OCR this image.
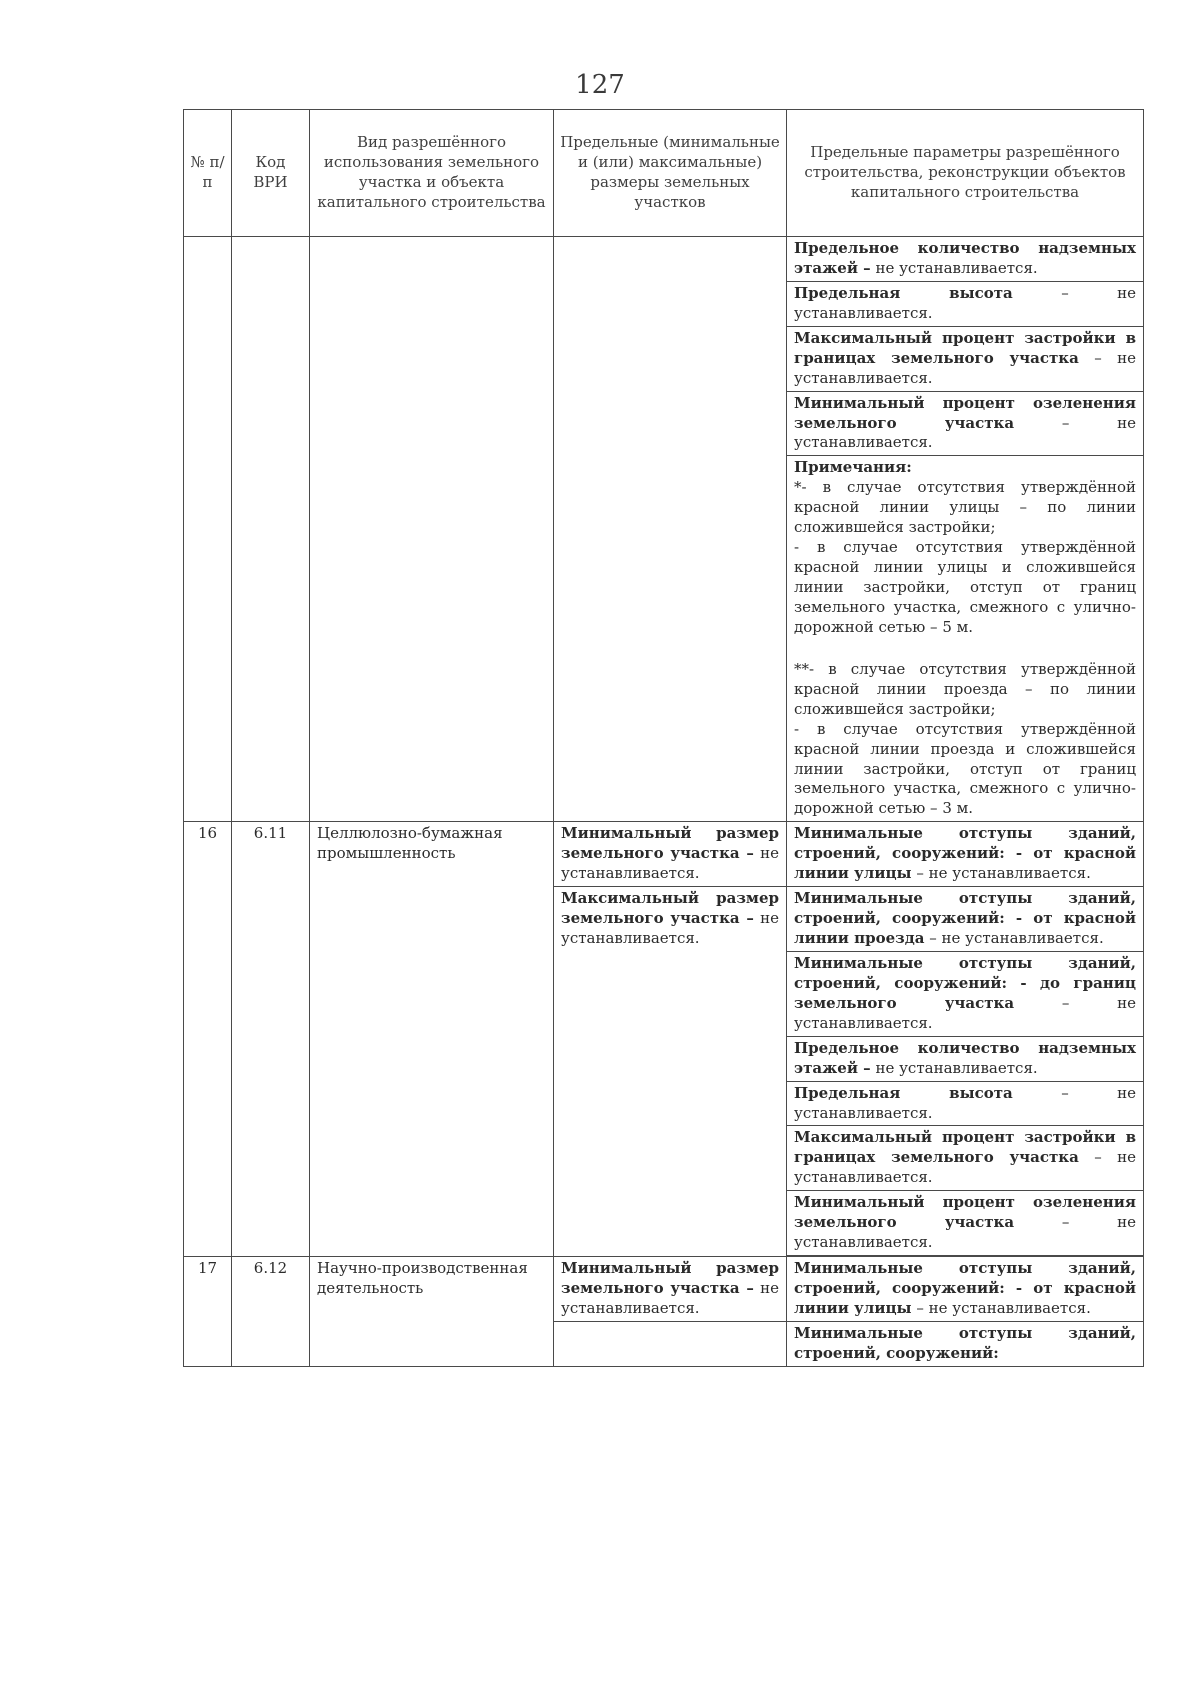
127
№ п/п	Код ВРИ	Вид разрешённого использования земельного участка и объекта капитального строительства	Предельные (минимальные и (или) максимальные) размеры земельных участков	Предельные параметры разрешённого строительства, реконструкции объектов капитального строительства
				Предельное количество надземных этажей – не устанавливается.
				Предельная высота – не устанавливается.
				Максимальный процент застройки в границах земельного участка – не устанавливается.
				Минимальный процент озеленения земельного участка – не устанавливается.
				Примечания:

*- в случае отсутствия утверждённой красной линии улицы – по линии сложившейся застройки;

- в случае отсутствия утверждённой красной линии улицы и сложившейся линии застройки, отступ от границ земельного участка, смежного с улично-дорожной сетью – 5 м.

**- в случае отсутствия утверждённой красной линии проезда – по линии сложившейся застройки;

- в случае отсутствия утверждённой красной линии проезда и сложившейся линии застройки, отступ от границ земельного участка, смежного с улично-дорожной сетью – 3 м.

16	6.11	Целлюлозно-бумажная промышленность	Минимальный размер земельного участка – не устанавливается.	Минимальные отступы зданий, строений, сооружений: - от красной линии улицы – не устанавливается.
			Максимальный размер земельного участка – не устанавливается.	Минимальные отступы зданий, строений, сооружений: - от красной линии проезда – не устанавливается.
				Минимальные отступы зданий, строений, сооружений: - до границ земельного участка – не устанавливается.
				Предельное количество надземных этажей – не устанавливается.
				Предельная высота – не устанавливается.
				Максимальный процент застройки в границах земельного участка – не устанавливается.
				Минимальный процент озеленения земельного участка – не устанавливается.

17	6.12	Научно-производственная деятельность	Минимальный размер земельного участка – не устанавливается.	Минимальные отступы зданий, строений, сооружений: - от красной линии улицы – не устанавливается.
				Минимальные отступы зданий, строений, сооружений:
